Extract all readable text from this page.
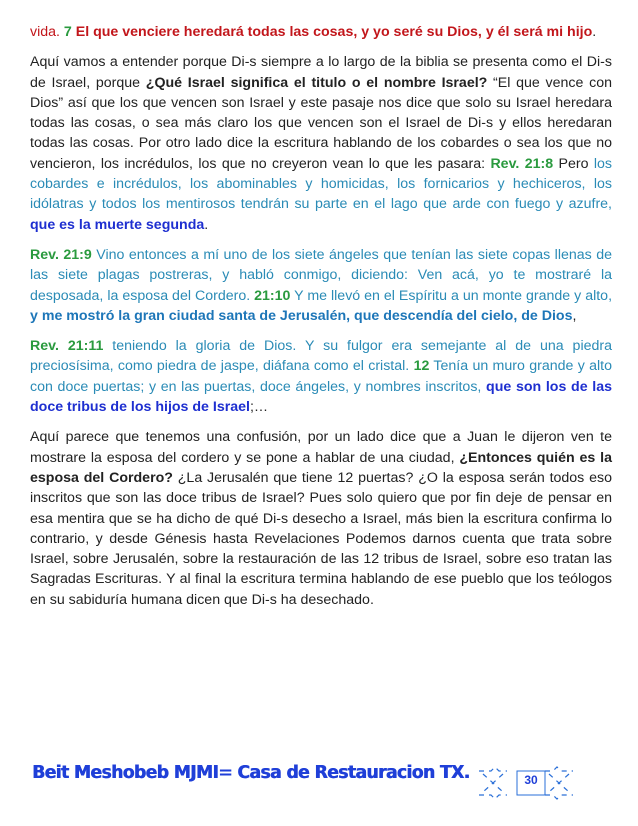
vida. 7 El que venciere heredará todas las cosas, y yo seré su Dios, y él será mi hijo.

Aquí vamos a entender porque Di-s siempre a lo largo de la biblia se presenta como el Di-s de Israel, porque ¿Qué Israel significa el titulo o el nombre Israel? “El que vence con Dios” así que los que vencen son Israel y este pasaje nos dice que solo su Israel heredara todas las cosas, o sea más claro los que vencen son el Israel de Di-s y ellos heredaran todas las cosas. Por otro lado dice la escritura hablando de los cobardes o sea los que no vencieron, los incrédulos, los que no creyeron vean lo que les pasara: Rev. 21:8 Pero los cobardes e incrédulos, los abominables y homicidas, los fornicarios y hechiceros, los idólatras y todos los mentirosos tendrán su parte en el lago que arde con fuego y azufre, que es la muerte segunda.

Rev. 21:9 Vino entonces a mí uno de los siete ángeles que tenían las siete copas llenas de las siete plagas postreras, y habló conmigo, diciendo: Ven acá, yo te mostraré la desposada, la esposa del Cordero. 21:10 Y me llevó en el Espíritu a un monte grande y alto, y me mostró la gran ciudad santa de Jerusalén, que descendía del cielo, de Dios,

Rev. 21:11 teniendo la gloria de Dios. Y su fulgor era semejante al de una piedra preciosísima, como piedra de jaspe, diáfana como el cristal. 12 Tenía un muro grande y alto con doce puertas; y en las puertas, doce ángeles, y nombres inscritos, que son los de las doce tribus de los hijos de Israel;…

Aquí parece que tenemos una confusión, por un lado dice que a Juan le dijeron ven te mostrare la esposa del cordero y se pone a hablar de una ciudad, ¿Entonces quién es la esposa del Cordero? ¿La Jerusalén que tiene 12 puertas? ¿O la esposa serán todos eso inscritos que son las doce tribus de Israel? Pues solo quiero que por fin deje de pensar en esa mentira que se ha dicho de qué Di-s desecho a Israel, más bien la escritura confirma lo contrario, y desde Génesis hasta Revelaciones Podemos darnos cuenta que trata sobre Israel, sobre Jerusalén, sobre la restauración de las 12 tribus de Israel, sobre eso tratan las Sagradas Escrituras. Y al final la escritura termina hablando de ese pueblo que los teólogos en su sabiduría humana dicen que Di-s ha desechado.

Beit Meshobeb MJMI= Casa de Restauracion TX.	30
